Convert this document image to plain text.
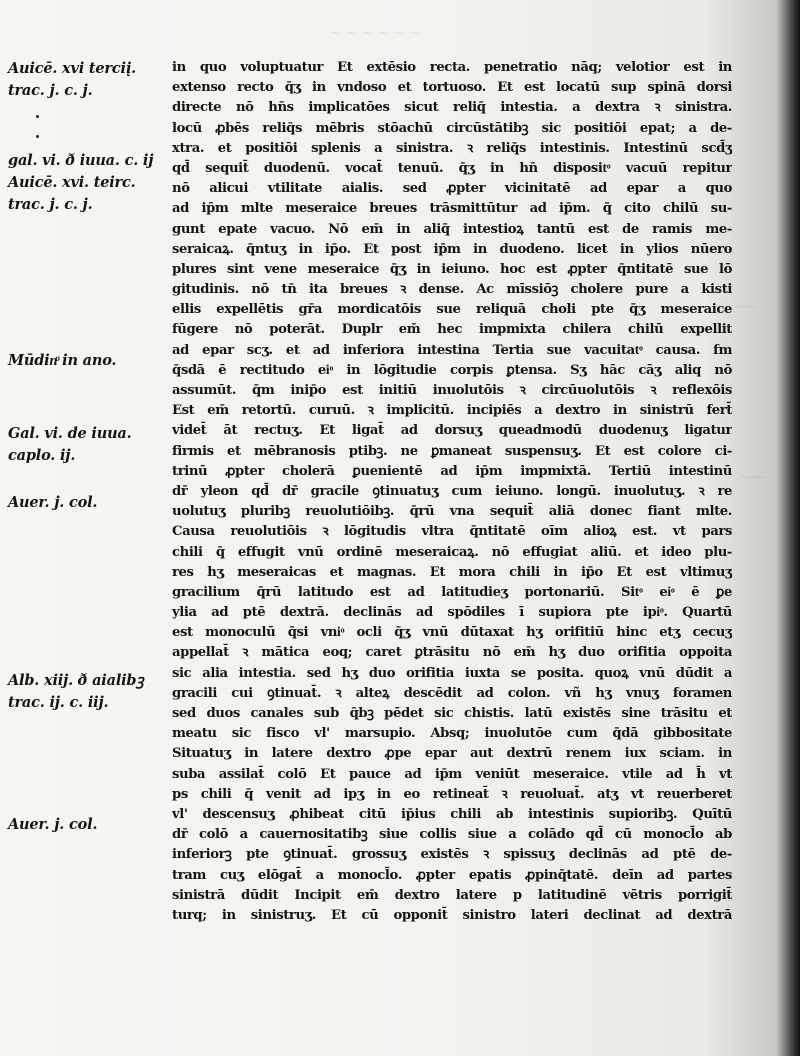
⁓ ⁓ ⁓ ⁓ ⁓ ⁓
⁓⁓
⁓⁓
Auicē. xvi terciį. trac. j. c. j.
gal. vi. ð iuua. c. ij Auicē. xvi. teirc. trac. j. c. j.
Mūdinͦ in ano.
Gal. vi. de iuua. caplo. ij.
Auer. j. col.
Alb. xiij. ð aialibꝫ trac. ij. c. iij.
Auer. j. col.
in quo voluptuatur Et extēsio recta. penetratio nāq; velotior est in
extenso recto q̄ʒ in vndoso et tortuoso. Et est locatū sup spinā dorsi
directe nō hn̄s implicatōes sicut reliq̄ intestia. a dextra ꝛ sinistra.
locū ꝓbēs reliq̄s mēbris stōachū circūstātibꝫ sic positiōi epat; a de-
xtra. et positiōi splenis a sinistra. ꝛ reliq̄s intestinis. Intestinū scd̄ʒ
qd̄ sequit̄ duodenū. vocat̄ tenuū. q̄ʒ in hn̄ dispositͦ vacuū repitur
nō alicui vtilitate aialis. sed ꝓpter vicinitatē ad epar a quo
ad ip̄m mlte meseraice breues trāsmittūtur ad ip̄m. q̄ cito chilū su-
gunt epate vacuo. Nō em̄ in aliq̄ intestioꝝ tantū est de ramis me-
seraicaꝝ. q̄ntuʒ in ip̄o. Et post ip̄m in duodeno. licet in ylios nūero
plures sint vene meseraice q̄ʒ in ieiuno. hoc est ꝓpter q̄ntitatē sue lō
gitudinis. nō tn̄ ita breues ꝛ dense. Ac mīssiōꝫ cholere pure a kisti
ellis expellētis gr̄a mordicatōis sue reliquā choli pte q̄ʒ meseraice
fūgere nō poterāt. Duplr em̄ hec impmixta chilera chilū expellit
ad epar scʒ. et ad inferiora intestina Tertia sue vacuitatͦ causa. fm
q̄sdā ē rectitudo eiͦ in lōgitudie corpis ꝑtensa. Sʒ hāc cāʒ aliq nō
assumūt. q̄m inip̄o est initiū inuolutōis ꝛ circūuolutōis ꝛ reflexōis
Est em̄ retortū. curuū. ꝛ implicitū. incipiēs a dextro in sinistrū fert̄
videt̄ āt rectuʒ. Et ligat̄ ad dorsuʒ queadmodū duodenuʒ ligatur
firmis et mēbranosis ptibꝫ. ne ꝑmaneat suspensuʒ. Et est colore ci-
trinū ꝓpter cholerā ꝑuenientē ad ip̄m impmixtā. Tertiū intestinū
dr̄ yleon qd̄ dr̄ gracile ꝯtinuatuʒ cum ieiuno. longū. inuolutuʒ. ꝛ re
uolutuʒ pluribꝫ reuolutiōibꝫ. q̄rū vna sequit̄ aliā donec fiant mlte.
Causa reuolutiōis ꝛ lōgitudis vltra q̄ntitatē oīm alioꝝ est. vt pars
chili q̄ effugit vnū ordinē meseraicaꝝ. nō effugiat aliū. et ideo plu-
res hʒ meseraicas et magnas. Et mora chili in ip̄o Et est vltimuʒ
gracilium q̄rū latitudo est ad latitudieʒ portonariū. Sitͦ eiͦ ē ꝑe
ylia ad ptē dextrā. declinās ad spōdiles ī supiora pte ipiͦ. Quartū
est monoculū q̄si vniͦ ocli q̄ʒ vnū dūtaxat hʒ orifitiū hinc etʒ cecuʒ
appellat̄ ꝛ mātica eoq; caret ꝑtrāsitu nō em̄ hʒ duo orifitia oppoita
sic alia intestia. sed hʒ duo orifitia iuxta se posita. quoꝝ vnū dūdit a
gracili cui ꝯtinuat̄. ꝛ alteꝝ descēdit ad colon. vñ hʒ vnuʒ foramen
sed duos canales sub q̄bꝫ pēdet sic chistis. latū existēs sine trāsitu et
meatu sic fisco vl' marsupio. Absq; inuolutōe cum q̄dā gibbositate
Situatuʒ in latere dextro ꝓpe epar aut dextrū renem iux sciam. in
suba assilat̄ colō Et pauce ad ip̄m veniūt meseraice. vtile ad h̄ vt
ps chili q̄ venit ad ipʒ in eo retineat̄ ꝛ reuoluat̄. atʒ vt reuerberet
vl' descensuʒ ꝓhibeat citū ip̄ius chili ab intestinis supioribꝫ. Quītū
dr̄ colō a cauernositatibꝫ siue collis siue a colādo qd̄ cū monocl̄o ab
inferiorꝫ pte ꝯtinuat̄. grossuʒ existēs ꝛ spissuʒ declinās ad ptē de-
tram cuʒ elōgat̄ a monocl̄o. ꝓpter epatis ꝓpinq̄tatē. deīn ad partes
sinistrā dūdit Incipit em̄ dextro latere p latitudinē vētris porrigit̄
turq; in sinistruʒ. Et cū opponit̄ sinistro lateri declinat ad dextrā
